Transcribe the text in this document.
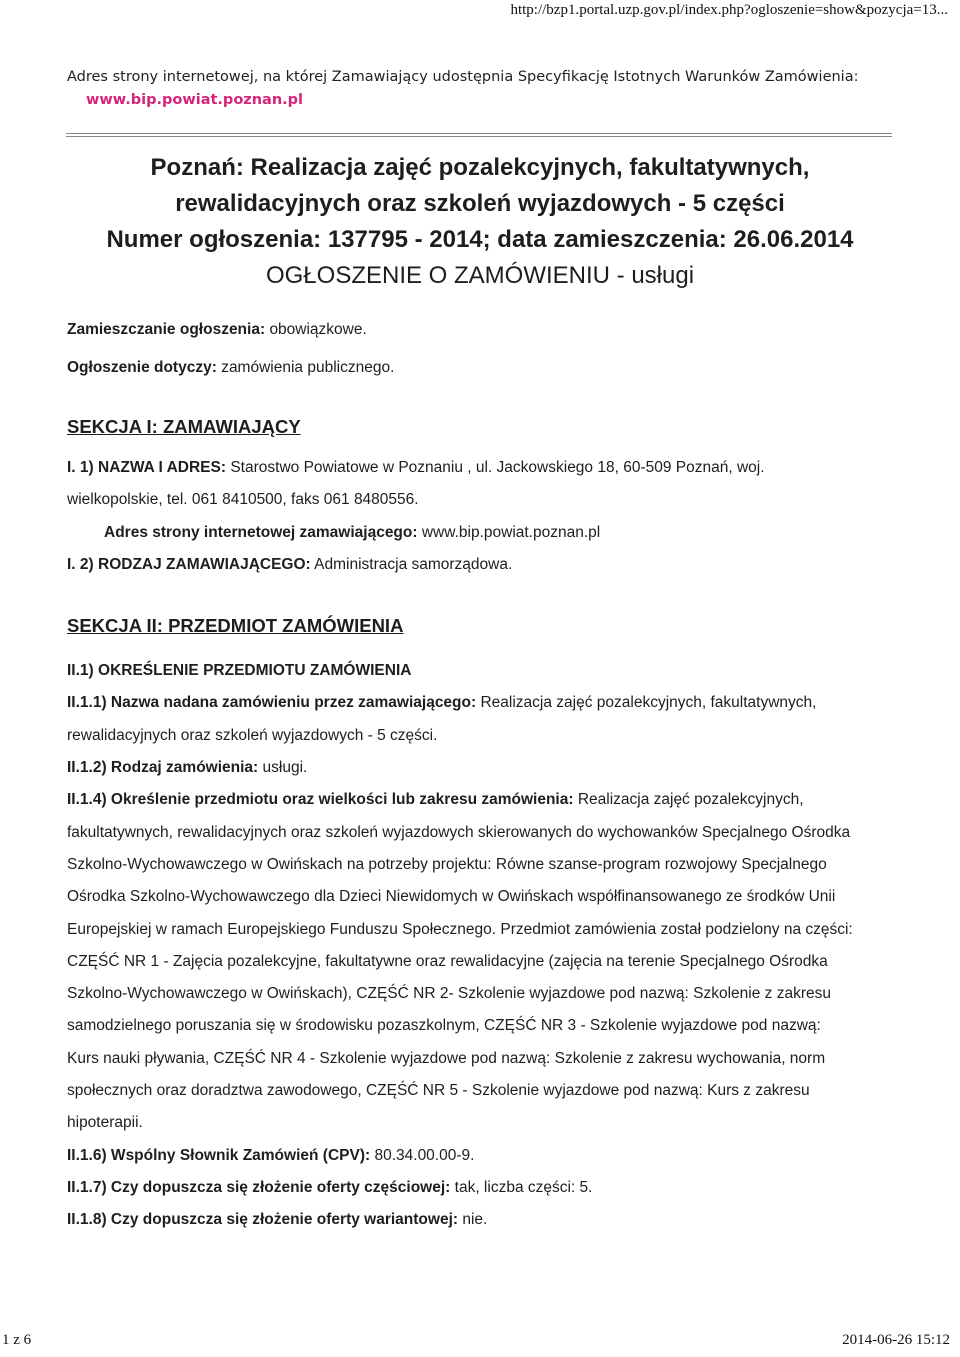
http://bzp1.portal.uzp.gov.pl/index.php?ogloszenie=show&pozycja=13...
Adres strony internetowej, na której Zamawiający udostępnia Specyfikację Istotnych Warunków Zamówienia:
www.bip.powiat.poznan.pl
Poznań: Realizacja zajęć pozalekcyjnych, fakultatywnych,
rewalidacyjnych oraz szkoleń wyjazdowych - 5 części
Numer ogłoszenia: 137795 - 2014; data zamieszczenia: 26.06.2014
OGŁOSZENIE O ZAMÓWIENIU - usługi

Zamieszczanie ogłoszenia: obowiązkowe.

Ogłoszenie dotyczy: zamówienia publicznego.

SEKCJA I: ZAMAWIAJĄCY

I. 1) NAZWA I ADRES: Starostwo Powiatowe w Poznaniu , ul. Jackowskiego 18, 60-509 Poznań, woj.
wielkopolskie, tel. 061 8410500, faks 061 8480556.

Adres strony internetowej zamawiającego: www.bip.powiat.poznan.pl

I. 2) RODZAJ ZAMAWIAJĄCEGO: Administracja samorządowa.

SEKCJA II: PRZEDMIOT ZAMÓWIENIA

II.1) OKREŚLENIE PRZEDMIOTU ZAMÓWIENIA

II.1.1) Nazwa nadana zamówieniu przez zamawiającego: Realizacja zajęć pozalekcyjnych, fakultatywnych,
rewalidacyjnych oraz szkoleń wyjazdowych - 5 części.

II.1.2) Rodzaj zamówienia: usługi.

II.1.4) Określenie przedmiotu oraz wielkości lub zakresu zamówienia: Realizacja zajęć pozalekcyjnych,
fakultatywnych, rewalidacyjnych oraz szkoleń wyjazdowych skierowanych do wychowanków Specjalnego Ośrodka
Szkolno-Wychowawczego w Owińskach na potrzeby projektu: Równe szanse-program rozwojowy Specjalnego
Ośrodka Szkolno-Wychowawczego dla Dzieci Niewidomych w Owińskach współfinansowanego ze środków Unii
Europejskiej w ramach Europejskiego Funduszu Społecznego. Przedmiot zamówienia został podzielony na części:
CZĘŚĆ NR 1 - Zajęcia pozalekcyjne, fakultatywne oraz rewalidacyjne (zajęcia na terenie Specjalnego Ośrodka
Szkolno-Wychowawczego w Owińskach), CZĘŚĆ NR 2- Szkolenie wyjazdowe pod nazwą: Szkolenie z zakresu
samodzielnego poruszania się w środowisku pozaszkolnym, CZĘŚĆ NR 3 - Szkolenie wyjazdowe pod nazwą:
Kurs nauki pływania, CZĘŚĆ NR 4 - Szkolenie wyjazdowe pod nazwą: Szkolenie z zakresu wychowania, norm
społecznych oraz doradztwa zawodowego, CZĘŚĆ NR 5 - Szkolenie wyjazdowe pod nazwą: Kurs z zakresu
hipoterapii.

II.1.6) Wspólny Słownik Zamówień (CPV): 80.34.00.00-9.

II.1.7) Czy dopuszcza się złożenie oferty częściowej: tak, liczba części: 5.

II.1.8) Czy dopuszcza się złożenie oferty wariantowej: nie.

1 z 6	2014-06-26 15:12
